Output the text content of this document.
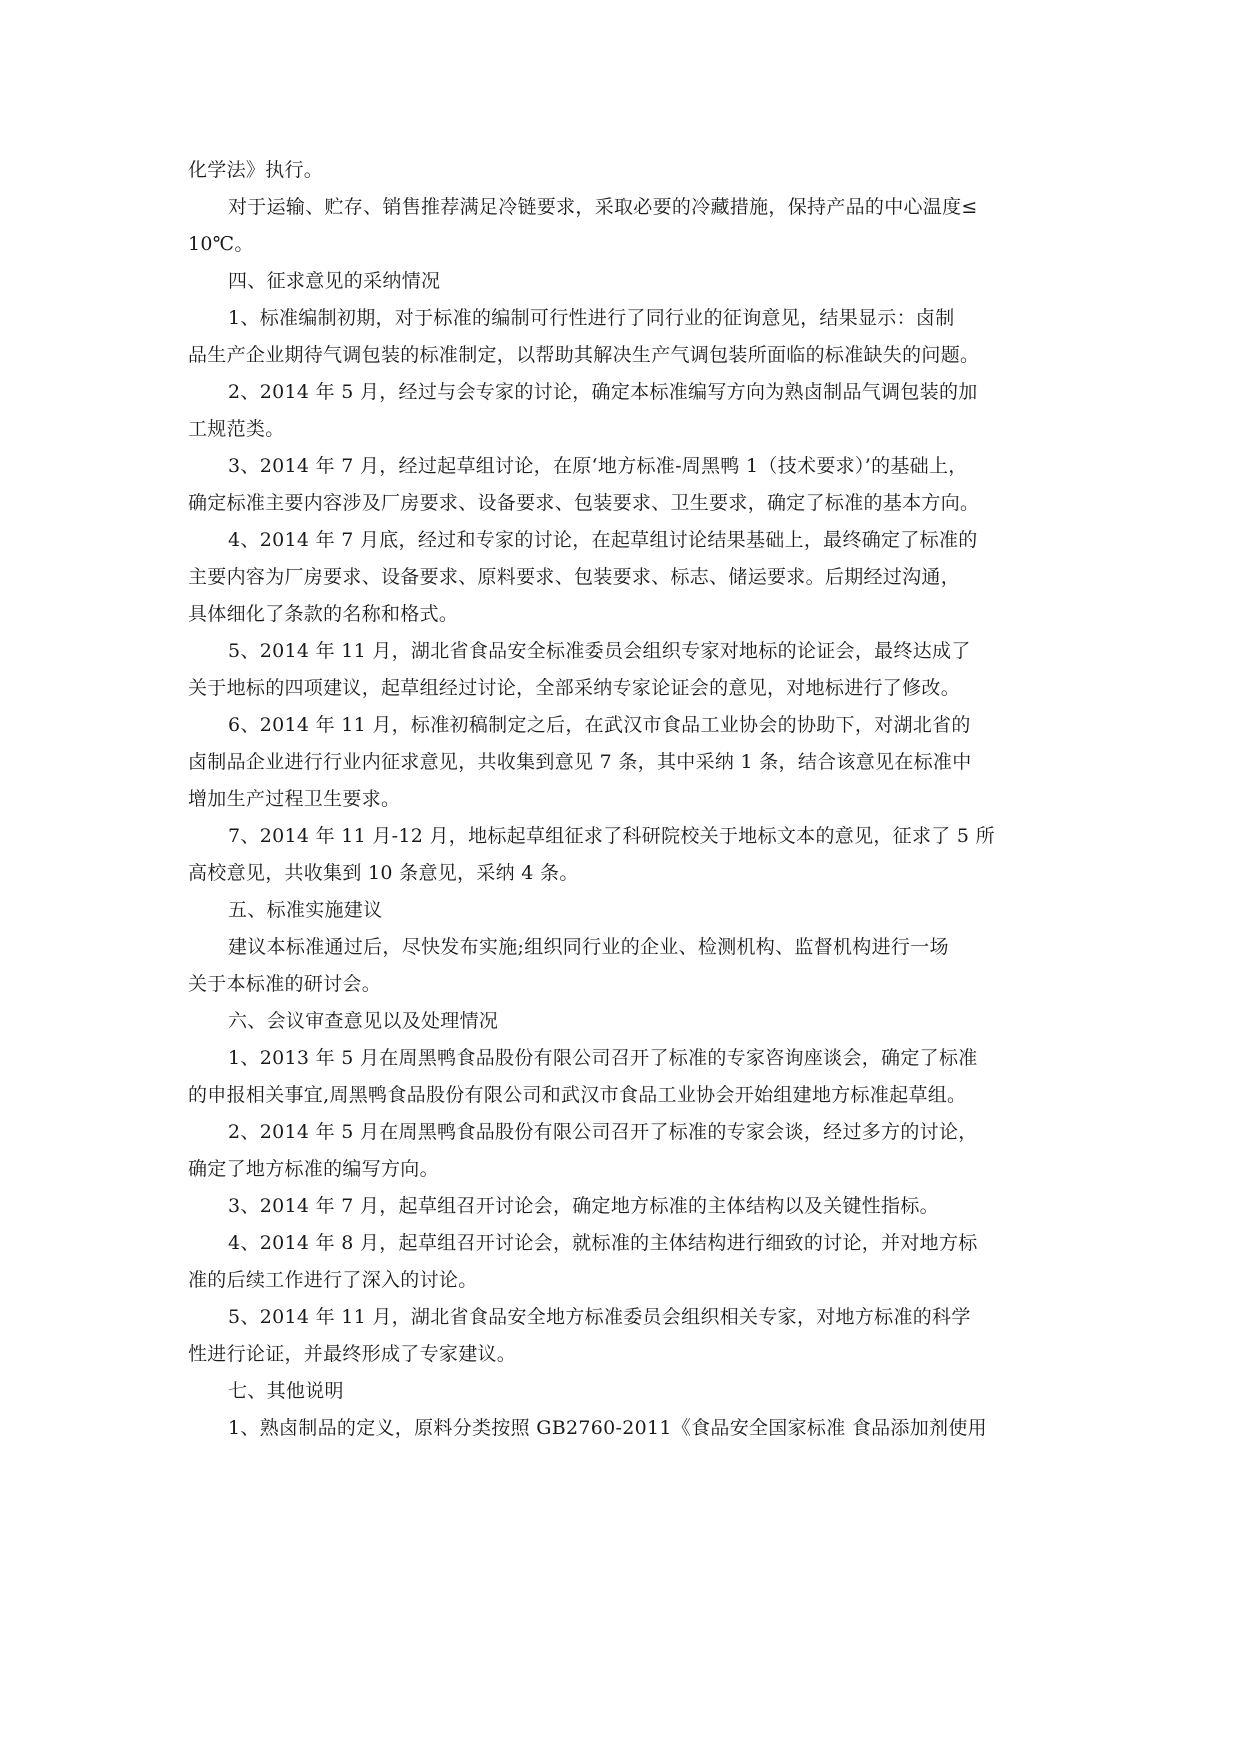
化学法》执行。
对于运输、贮存、销售推荐满足冷链要求，采取必要的冷藏措施，保持产品的中心温度≤
10℃。
四、征求意见的采纳情况
1、标准编制初期，对于标准的编制可行性进行了同行业的征询意见，结果显示：卤制
品生产企业期待气调包装的标准制定，以帮助其解决生产气调包装所面临的标准缺失的问题。
2、2014 年 5 月，经过与会专家的讨论，确定本标准编写方向为熟卤制品气调包装的加
工规范类。
3、2014 年 7 月，经过起草组讨论，在原‘地方标准-周黑鸭 1（技术要求）’的基础上，
确定标准主要内容涉及厂房要求、设备要求、包装要求、卫生要求，确定了标准的基本方向。
4、2014 年 7 月底，经过和专家的讨论，在起草组讨论结果基础上，最终确定了标准的
主要内容为厂房要求、设备要求、原料要求、包装要求、标志、储运要求。后期经过沟通，
具体细化了条款的名称和格式。
5、2014 年 11 月，湖北省食品安全标准委员会组织专家对地标的论证会，最终达成了
关于地标的四项建议，起草组经过讨论，全部采纳专家论证会的意见，对地标进行了修改。
6、2014 年 11 月，标准初稿制定之后，在武汉市食品工业协会的协助下，对湖北省的
卤制品企业进行行业内征求意见，共收集到意见 7 条，其中采纳 1 条，结合该意见在标准中
增加生产过程卫生要求。
7、2014 年 11 月-12 月，地标起草组征求了科研院校关于地标文本的意见，征求了 5 所
高校意见，共收集到 10 条意见，采纳 4 条。
五、标准实施建议
建议本标准通过后，尽快发布实施;组织同行业的企业、检测机构、监督机构进行一场
关于本标准的研讨会。
六、会议审查意见以及处理情况
1、2013 年 5 月在周黑鸭食品股份有限公司召开了标准的专家咨询座谈会，确定了标准
的申报相关事宜,周黑鸭食品股份有限公司和武汉市食品工业协会开始组建地方标准起草组。
2、2014 年 5 月在周黑鸭食品股份有限公司召开了标准的专家会谈，经过多方的讨论，
确定了地方标准的编写方向。
3、2014 年 7 月，起草组召开讨论会，确定地方标准的主体结构以及关键性指标。
4、2014 年 8 月，起草组召开讨论会，就标准的主体结构进行细致的讨论，并对地方标
准的后续工作进行了深入的讨论。
5、2014 年 11 月，湖北省食品安全地方标准委员会组织相关专家，对地方标准的科学
性进行论证，并最终形成了专家建议。
七、其他说明
1、熟卤制品的定义，原料分类按照 GB2760-2011《食品安全国家标准 食品添加剂使用
